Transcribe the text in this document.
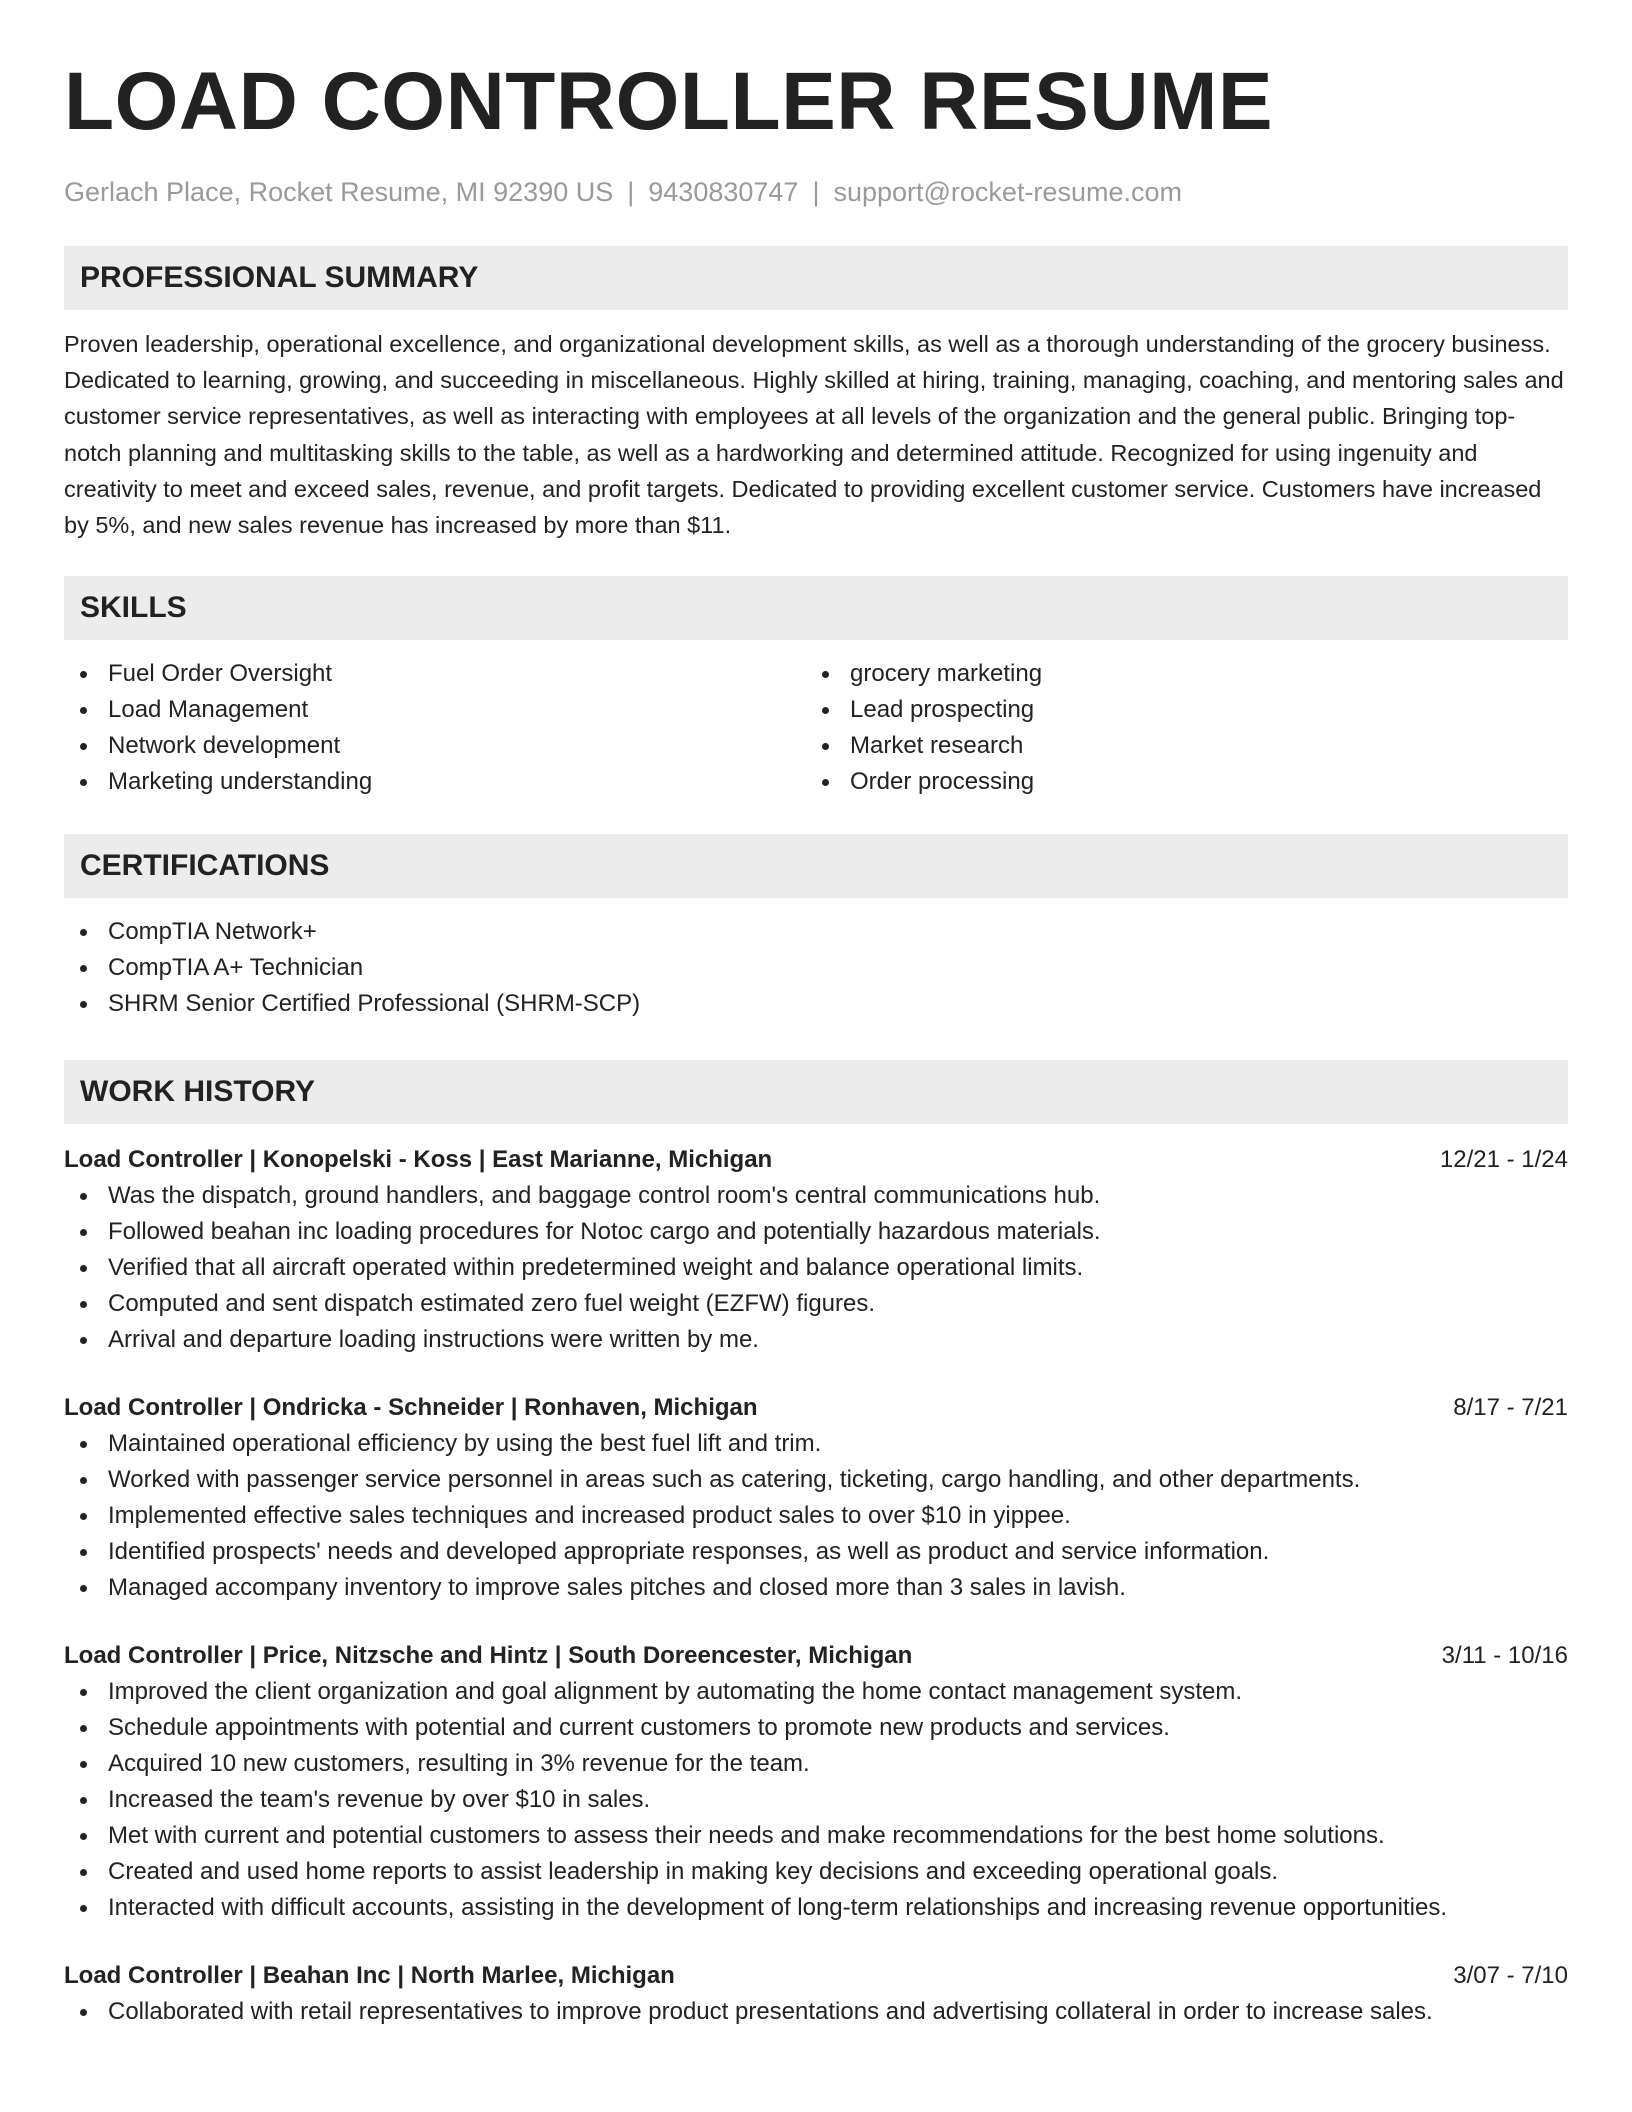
LOAD CONTROLLER RESUME
Gerlach Place, Rocket Resume, MI 92390 US | 9430830747 | support@rocket-resume.com
PROFESSIONAL SUMMARY

Proven leadership, operational excellence, and organizational development skills, as well as a thorough understanding of the grocery business. Dedicated to learning, growing, and succeeding in miscellaneous. Highly skilled at hiring, training, managing, coaching, and mentoring sales and customer service representatives, as well as interacting with employees at all levels of the organization and the general public. Bringing top-notch planning and multitasking skills to the table, as well as a hardworking and determined attitude. Recognized for using ingenuity and creativity to meet and exceed sales, revenue, and profit targets. Dedicated to providing excellent customer service. Customers have increased by 5%, and new sales revenue has increased by more than $11.

SKILLS
Fuel Order Oversight
Load Management
Network development
Marketing understanding
grocery marketing
Lead prospecting
Market research
Order processing
CERTIFICATIONS
CompTIA Network+
CompTIA A+ Technician
SHRM Senior Certified Professional (SHRM-SCP)
WORK HISTORY
Load Controller | Konopelski - Koss | East Marianne, Michigan	12/21 - 1/24
Was the dispatch, ground handlers, and baggage control room's central communications hub.
Followed beahan inc loading procedures for Notoc cargo and potentially hazardous materials.
Verified that all aircraft operated within predetermined weight and balance operational limits.
Computed and sent dispatch estimated zero fuel weight (EZFW) figures.
Arrival and departure loading instructions were written by me.
Load Controller | Ondricka - Schneider | Ronhaven, Michigan	8/17 - 7/21
Maintained operational efficiency by using the best fuel lift and trim.
Worked with passenger service personnel in areas such as catering, ticketing, cargo handling, and other departments.
Implemented effective sales techniques and increased product sales to over $10 in yippee.
Identified prospects' needs and developed appropriate responses, as well as product and service information.
Managed accompany inventory to improve sales pitches and closed more than 3 sales in lavish.
Load Controller | Price, Nitzsche and Hintz | South Doreencester, Michigan	3/11 - 10/16
Improved the client organization and goal alignment by automating the home contact management system.
Schedule appointments with potential and current customers to promote new products and services.
Acquired 10 new customers, resulting in 3% revenue for the team.
Increased the team's revenue by over $10 in sales.
Met with current and potential customers to assess their needs and make recommendations for the best home solutions.
Created and used home reports to assist leadership in making key decisions and exceeding operational goals.
Interacted with difficult accounts, assisting in the development of long-term relationships and increasing revenue opportunities.
Load Controller | Beahan Inc | North Marlee, Michigan	3/07 - 7/10
Collaborated with retail representatives to improve product presentations and advertising collateral in order to increase sales.
